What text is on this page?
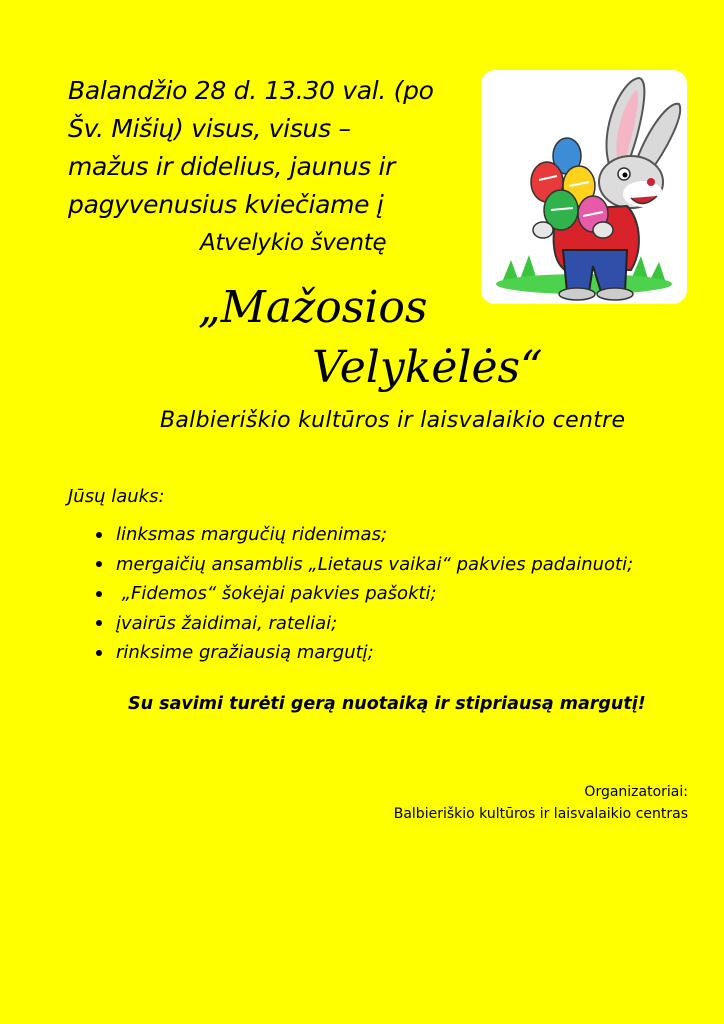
Balandžio 28 d. 13.30 val. (po
Šv. Mišių) visus, visus –
mažus ir didelius, jaunus ir
pagyvenusius kviečiame į
Atvelykio šventę
„Mažosios
Velykėlės“
Balbieriškio kultūros ir laisvalaikio centre
Jūsų lauks:
linksmas margučių ridenimas;
mergaičių ansamblis „Lietaus vaikai“ pakvies padainuoti;
„Fidemos“ šokėjai pakvies pašokti;
įvairūs žaidimai, rateliai;
rinksime gražiausią margutį;
Su savimi turėti gerą nuotaiką ir stipriausą margutį!
Organizatoriai:
Balbieriškio kultūros ir laisvalaikio centras
